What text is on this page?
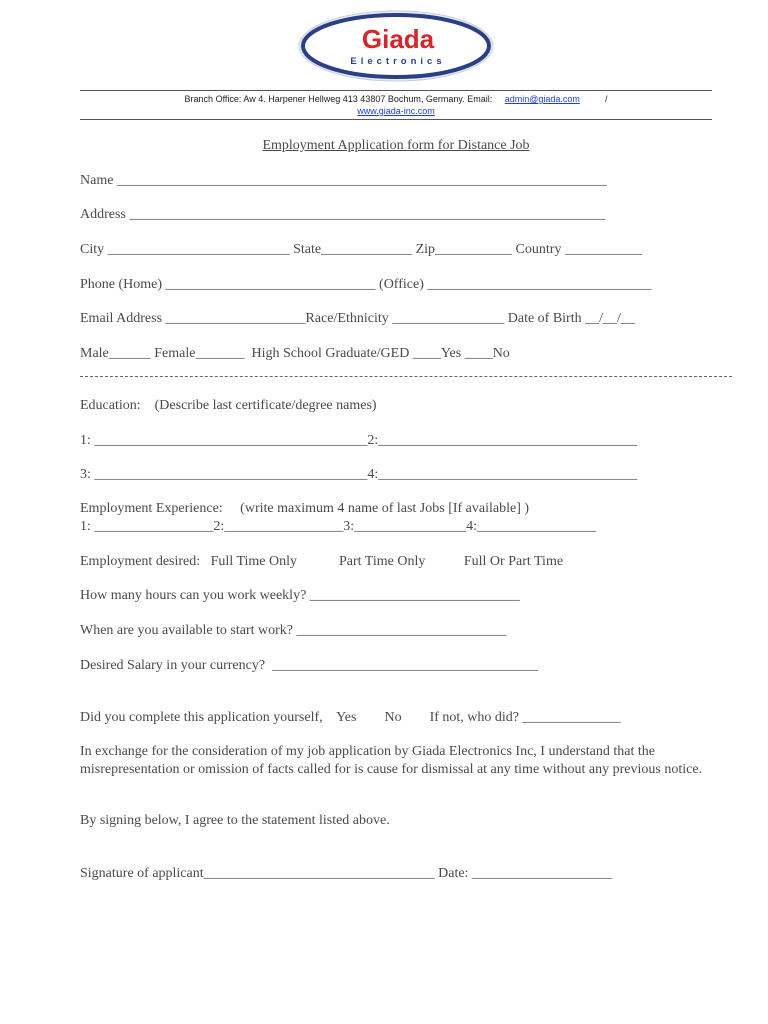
Giada
Electronics
Branch Office: Aw 4. Harpener Hellweg 413 43807 Bochum, Germany. Email: admin@giada.com	/
www.giada-inc.com
Employment Application form for Distance Job
Name ______________________________________________________________________
Address ____________________________________________________________________
City __________________________ State_____________ Zip___________ Country ___________
Phone (Home) ______________________________ (Office) ________________________________
Email Address ____________________Race/Ethnicity ________________ Date of Birth __/__/__
Male______ Female_______  High School Graduate/GED ____Yes ____No
Education:    (Describe last certificate/degree names)
1: _______________________________________2:_____________________________________
3: _______________________________________4:_____________________________________
Employment Experience:     (write maximum 4 name of last Jobs [If available] )
1: _________________2:_________________3:________________4:_________________
Employment desired:   Full Time Only            Part Time Only           Full Or Part Time
How many hours can you work weekly? ______________________________
When are you available to start work? ______________________________
Desired Salary in your currency?  ______________________________________
Did you complete this application yourself,    Yes        No        If not, who did? ______________
In exchange for the consideration of my job application by Giada Electronics Inc, I understand that the misrepresentation or omission of facts called for is cause for dismissal at any time without any previous notice.
By signing below, I agree to the statement listed above.
Signature of applicant_________________________________ Date: ____________________
